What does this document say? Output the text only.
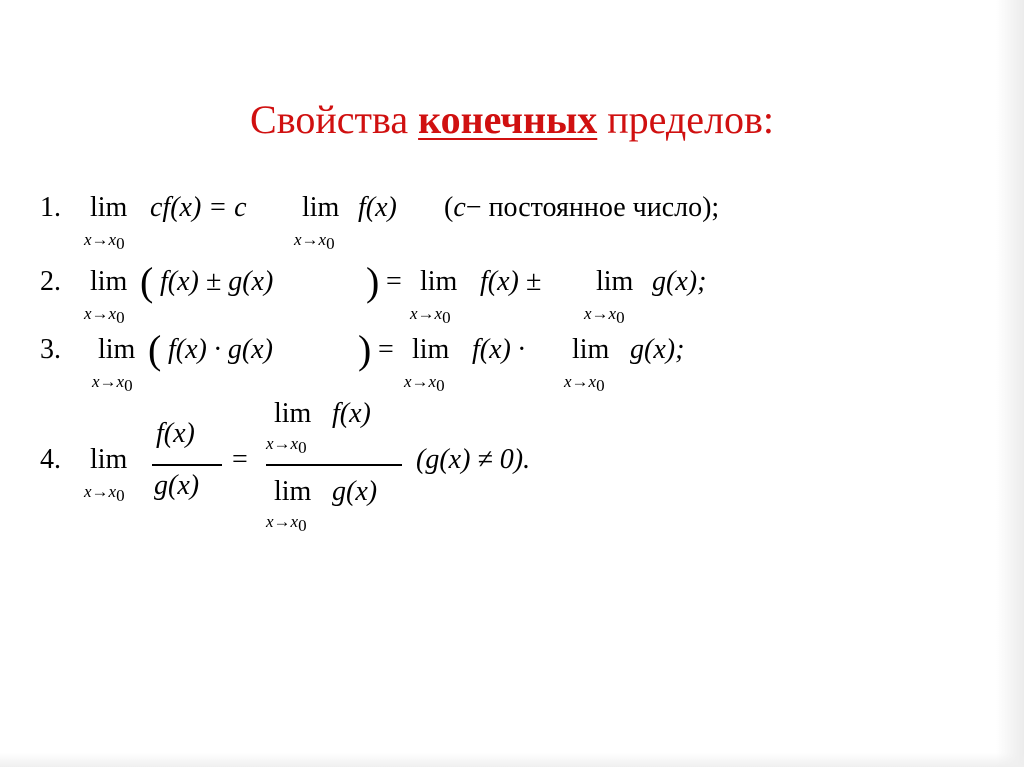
Свойства конечных пределов:
1. lim
$x\to x_0$
cf(x) = c lim
$x\to x_0$
f(x) (c− постоянное число);
2. lim
$x\to x_0$
( f(x) ± g(x) ) = lim
$x\to x_0$
f(x) ± lim
$x\to x_0$
g(x);
3. lim
$x\to x_0$
( f(x) · g(x) ) = lim
$x\to x_0$
f(x) · lim
$x\to x_0$
g(x);
4. lim
$x\to x_0$
f(x)
g(x)
=
lim
$x\to x_0$
f(x)
lim
$x\to x_0$
g(x)
(g(x) ≠ 0).
